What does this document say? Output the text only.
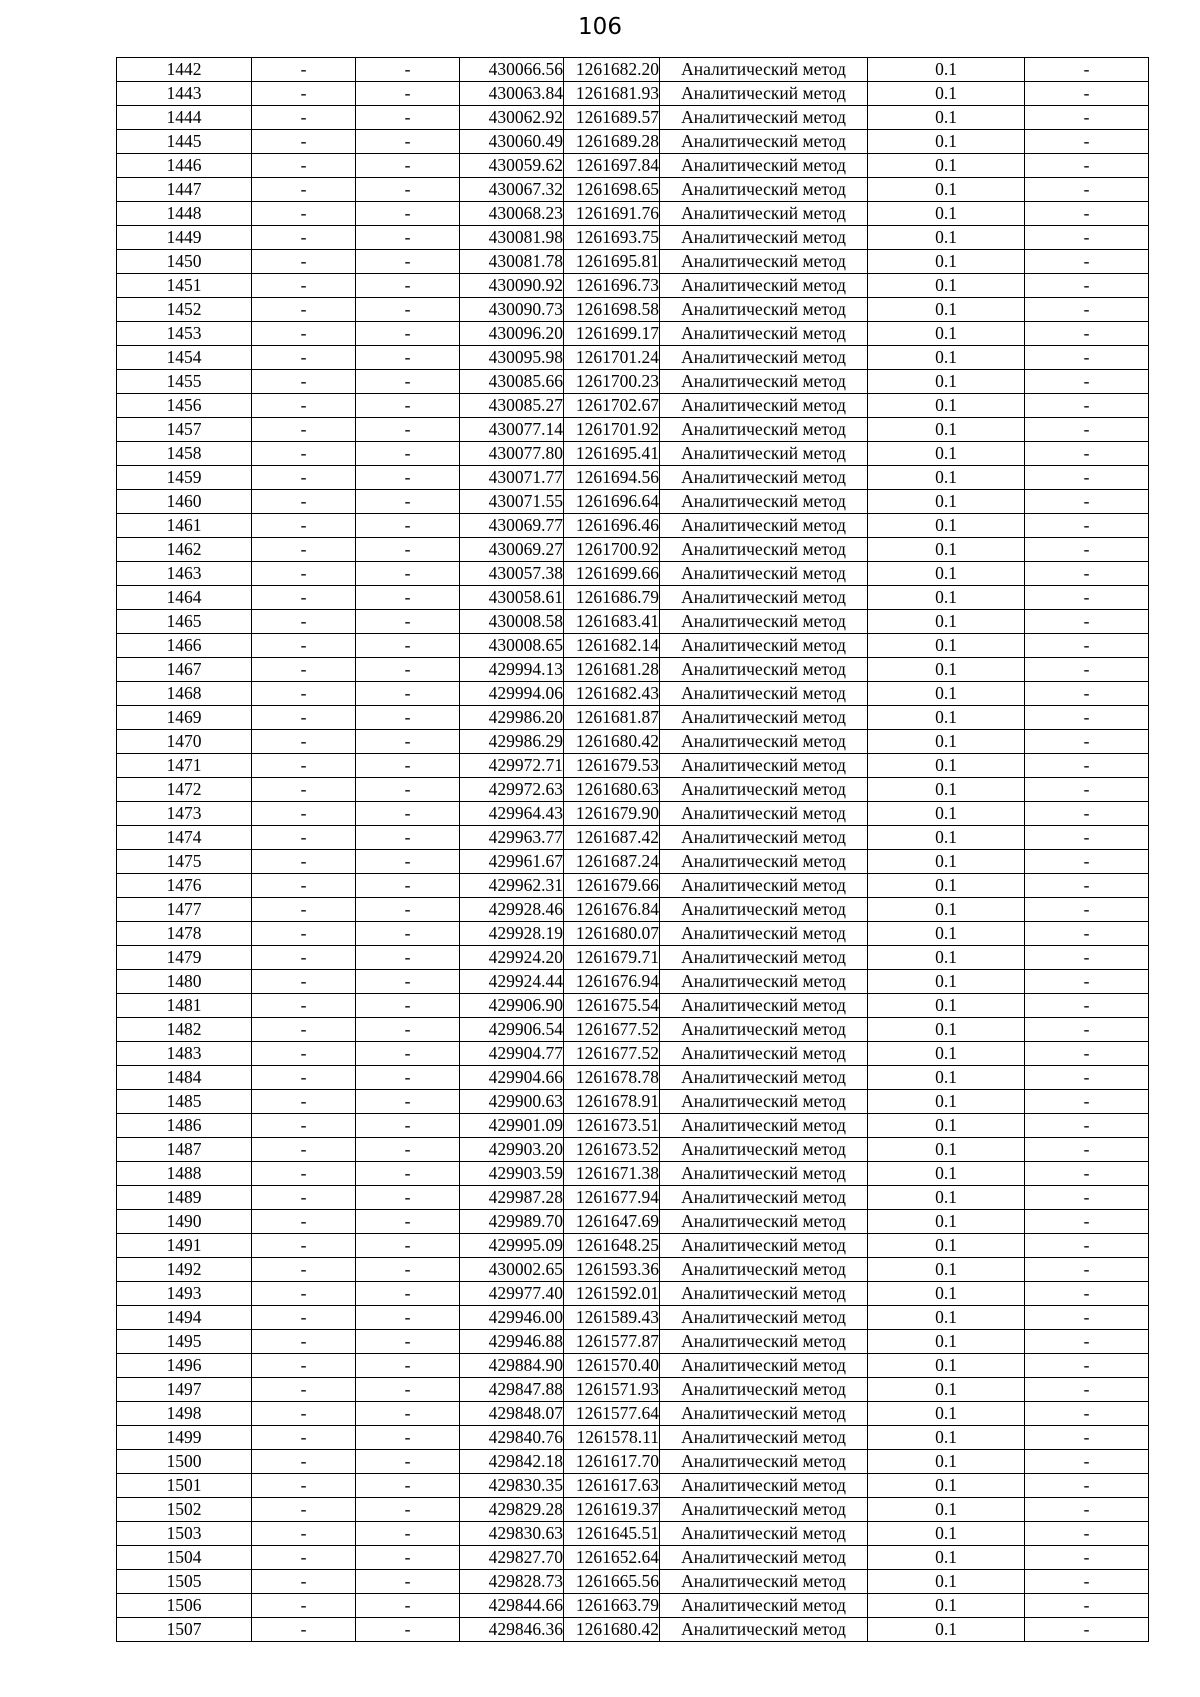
106
1442	-	-	430066.56	1261682.20	Аналитический метод	0.1	-
1443	-	-	430063.84	1261681.93	Аналитический метод	0.1	-
1444	-	-	430062.92	1261689.57	Аналитический метод	0.1	-
1445	-	-	430060.49	1261689.28	Аналитический метод	0.1	-
1446	-	-	430059.62	1261697.84	Аналитический метод	0.1	-
1447	-	-	430067.32	1261698.65	Аналитический метод	0.1	-
1448	-	-	430068.23	1261691.76	Аналитический метод	0.1	-
1449	-	-	430081.98	1261693.75	Аналитический метод	0.1	-
1450	-	-	430081.78	1261695.81	Аналитический метод	0.1	-
1451	-	-	430090.92	1261696.73	Аналитический метод	0.1	-
1452	-	-	430090.73	1261698.58	Аналитический метод	0.1	-
1453	-	-	430096.20	1261699.17	Аналитический метод	0.1	-
1454	-	-	430095.98	1261701.24	Аналитический метод	0.1	-
1455	-	-	430085.66	1261700.23	Аналитический метод	0.1	-
1456	-	-	430085.27	1261702.67	Аналитический метод	0.1	-
1457	-	-	430077.14	1261701.92	Аналитический метод	0.1	-
1458	-	-	430077.80	1261695.41	Аналитический метод	0.1	-
1459	-	-	430071.77	1261694.56	Аналитический метод	0.1	-
1460	-	-	430071.55	1261696.64	Аналитический метод	0.1	-
1461	-	-	430069.77	1261696.46	Аналитический метод	0.1	-
1462	-	-	430069.27	1261700.92	Аналитический метод	0.1	-
1463	-	-	430057.38	1261699.66	Аналитический метод	0.1	-
1464	-	-	430058.61	1261686.79	Аналитический метод	0.1	-
1465	-	-	430008.58	1261683.41	Аналитический метод	0.1	-
1466	-	-	430008.65	1261682.14	Аналитический метод	0.1	-
1467	-	-	429994.13	1261681.28	Аналитический метод	0.1	-
1468	-	-	429994.06	1261682.43	Аналитический метод	0.1	-
1469	-	-	429986.20	1261681.87	Аналитический метод	0.1	-
1470	-	-	429986.29	1261680.42	Аналитический метод	0.1	-
1471	-	-	429972.71	1261679.53	Аналитический метод	0.1	-
1472	-	-	429972.63	1261680.63	Аналитический метод	0.1	-
1473	-	-	429964.43	1261679.90	Аналитический метод	0.1	-
1474	-	-	429963.77	1261687.42	Аналитический метод	0.1	-
1475	-	-	429961.67	1261687.24	Аналитический метод	0.1	-
1476	-	-	429962.31	1261679.66	Аналитический метод	0.1	-
1477	-	-	429928.46	1261676.84	Аналитический метод	0.1	-
1478	-	-	429928.19	1261680.07	Аналитический метод	0.1	-
1479	-	-	429924.20	1261679.71	Аналитический метод	0.1	-
1480	-	-	429924.44	1261676.94	Аналитический метод	0.1	-
1481	-	-	429906.90	1261675.54	Аналитический метод	0.1	-
1482	-	-	429906.54	1261677.52	Аналитический метод	0.1	-
1483	-	-	429904.77	1261677.52	Аналитический метод	0.1	-
1484	-	-	429904.66	1261678.78	Аналитический метод	0.1	-
1485	-	-	429900.63	1261678.91	Аналитический метод	0.1	-
1486	-	-	429901.09	1261673.51	Аналитический метод	0.1	-
1487	-	-	429903.20	1261673.52	Аналитический метод	0.1	-
1488	-	-	429903.59	1261671.38	Аналитический метод	0.1	-
1489	-	-	429987.28	1261677.94	Аналитический метод	0.1	-
1490	-	-	429989.70	1261647.69	Аналитический метод	0.1	-
1491	-	-	429995.09	1261648.25	Аналитический метод	0.1	-
1492	-	-	430002.65	1261593.36	Аналитический метод	0.1	-
1493	-	-	429977.40	1261592.01	Аналитический метод	0.1	-
1494	-	-	429946.00	1261589.43	Аналитический метод	0.1	-
1495	-	-	429946.88	1261577.87	Аналитический метод	0.1	-
1496	-	-	429884.90	1261570.40	Аналитический метод	0.1	-
1497	-	-	429847.88	1261571.93	Аналитический метод	0.1	-
1498	-	-	429848.07	1261577.64	Аналитический метод	0.1	-
1499	-	-	429840.76	1261578.11	Аналитический метод	0.1	-
1500	-	-	429842.18	1261617.70	Аналитический метод	0.1	-
1501	-	-	429830.35	1261617.63	Аналитический метод	0.1	-
1502	-	-	429829.28	1261619.37	Аналитический метод	0.1	-
1503	-	-	429830.63	1261645.51	Аналитический метод	0.1	-
1504	-	-	429827.70	1261652.64	Аналитический метод	0.1	-
1505	-	-	429828.73	1261665.56	Аналитический метод	0.1	-
1506	-	-	429844.66	1261663.79	Аналитический метод	0.1	-
1507	-	-	429846.36	1261680.42	Аналитический метод	0.1	-
